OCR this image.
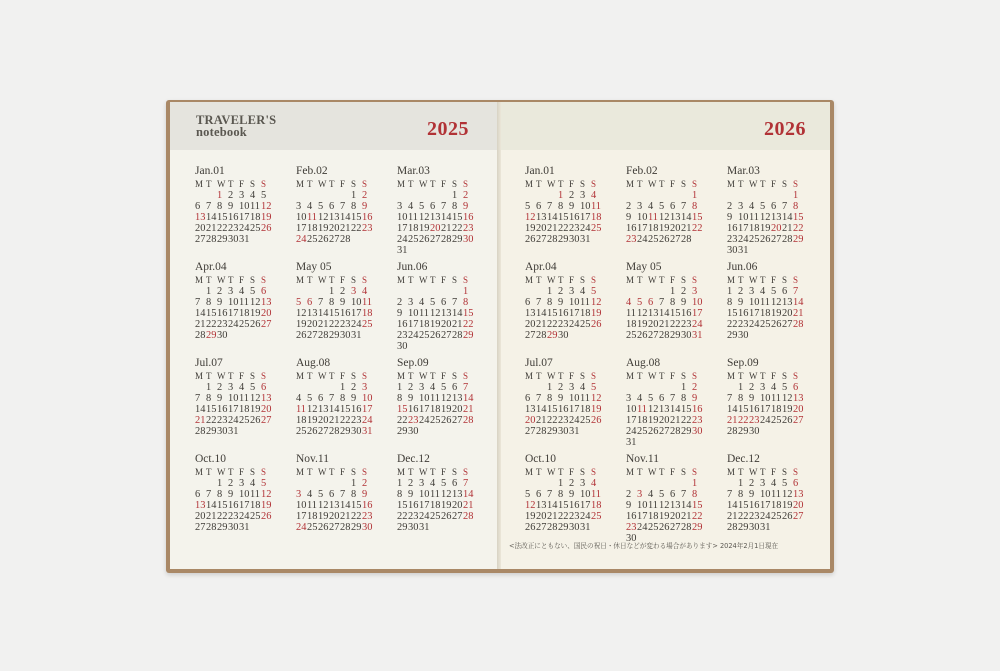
TRAVELER'S
notebook	2025
Jan.01
M T W T F S S
1 2 3 4 5
6 7 8 9 10 11 12
13 14 15 16 17 18 19
20 21 22 23 24 25 26
27 28 29 30 31
Feb.02
M T W T F S S
1 2
3 4 5 6 7 8 9
10 11 12 13 14 15 16
17 18 19 20 21 22 23
24 25 26 27 28
Mar.03
M T W T F S S
1 2
3 4 5 6 7 8 9
10 11 12 13 14 15 16
17 18 19 20 21 22 23
24 25 26 27 28 29 30
31
Apr.04
M T W T F S S
1 2 3 4 5 6
7 8 9 10 11 12 13
14 15 16 17 18 19 20
21 22 23 24 25 26 27
28 29 30
May 05
M T W T F S S
1 2 3 4
5 6 7 8 9 10 11
12 13 14 15 16 17 18
19 20 21 22 23 24 25
26 27 28 29 30 31
Jun.06
M T W T F S S
1
2 3 4 5 6 7 8
9 10 11 12 13 14 15
16 17 18 19 20 21 22
23 24 25 26 27 28 29
30
Jul.07
M T W T F S S
1 2 3 4 5 6
7 8 9 10 11 12 13
14 15 16 17 18 19 20
21 22 23 24 25 26 27
28 29 30 31
Aug.08
M T W T F S S
1 2 3
4 5 6 7 8 9 10
11 12 13 14 15 16 17
18 19 20 21 22 23 24
25 26 27 28 29 30 31
Sep.09
M T W T F S S
1 2 3 4 5 6 7
8 9 10 11 12 13 14
15 16 17 18 19 20 21
22 23 24 25 26 27 28
29 30
Oct.10
M T W T F S S
1 2 3 4 5
6 7 8 9 10 11 12
13 14 15 16 17 18 19
20 21 22 23 24 25 26
27 28 29 30 31
Nov.11
M T W T F S S
1 2
3 4 5 6 7 8 9
10 11 12 13 14 15 16
17 18 19 20 21 22 23
24 25 26 27 28 29 30
Dec.12
M T W T F S S
1 2 3 4 5 6 7
8 9 10 11 12 13 14
15 16 17 18 19 20 21
22 23 24 25 26 27 28
29 30 31
2026
Jan.01
M T W T F S S
1 2 3 4
5 6 7 8 9 10 11
12 13 14 15 16 17 18
19 20 21 22 23 24 25
26 27 28 29 30 31
Feb.02
M T W T F S S
1
2 3 4 5 6 7 8
9 10 11 12 13 14 15
16 17 18 19 20 21 22
23 24 25 26 27 28
Mar.03
M T W T F S S
1
2 3 4 5 6 7 8
9 10 11 12 13 14 15
16 17 18 19 20 21 22
23 24 25 26 27 28 29
30 31
Apr.04
M T W T F S S
1 2 3 4 5
6 7 8 9 10 11 12
13 14 15 16 17 18 19
20 21 22 23 24 25 26
27 28 29 30
May 05
M T W T F S S
1 2 3
4 5 6 7 8 9 10
11 12 13 14 15 16 17
18 19 20 21 22 23 24
25 26 27 28 29 30 31
Jun.06
M T W T F S S
1 2 3 4 5 6 7
8 9 10 11 12 13 14
15 16 17 18 19 20 21
22 23 24 25 26 27 28
29 30
Jul.07
M T W T F S S
1 2 3 4 5
6 7 8 9 10 11 12
13 14 15 16 17 18 19
20 21 22 23 24 25 26
27 28 29 30 31
Aug.08
M T W T F S S
1 2
3 4 5 6 7 8 9
10 11 12 13 14 15 16
17 18 19 20 21 22 23
24 25 26 27 28 29 30
31
Sep.09
M T W T F S S
1 2 3 4 5 6
7 8 9 10 11 12 13
14 15 16 17 18 19 20
21 22 23 24 25 26 27
28 29 30
Oct.10
M T W T F S S
1 2 3 4
5 6 7 8 9 10 11
12 13 14 15 16 17 18
19 20 21 22 23 24 25
26 27 28 29 30 31
Nov.11
M T W T F S S
1
2 3 4 5 6 7 8
9 10 11 12 13 14 15
16 17 18 19 20 21 22
23 24 25 26 27 28 29
30
Dec.12
M T W T F S S
1 2 3 4 5 6
7 8 9 10 11 12 13
14 15 16 17 18 19 20
21 22 23 24 25 26 27
28 29 30 31
<法改正にともない、国民の祝日・休日などが変わる場合があります> 2024年2月1日現在
